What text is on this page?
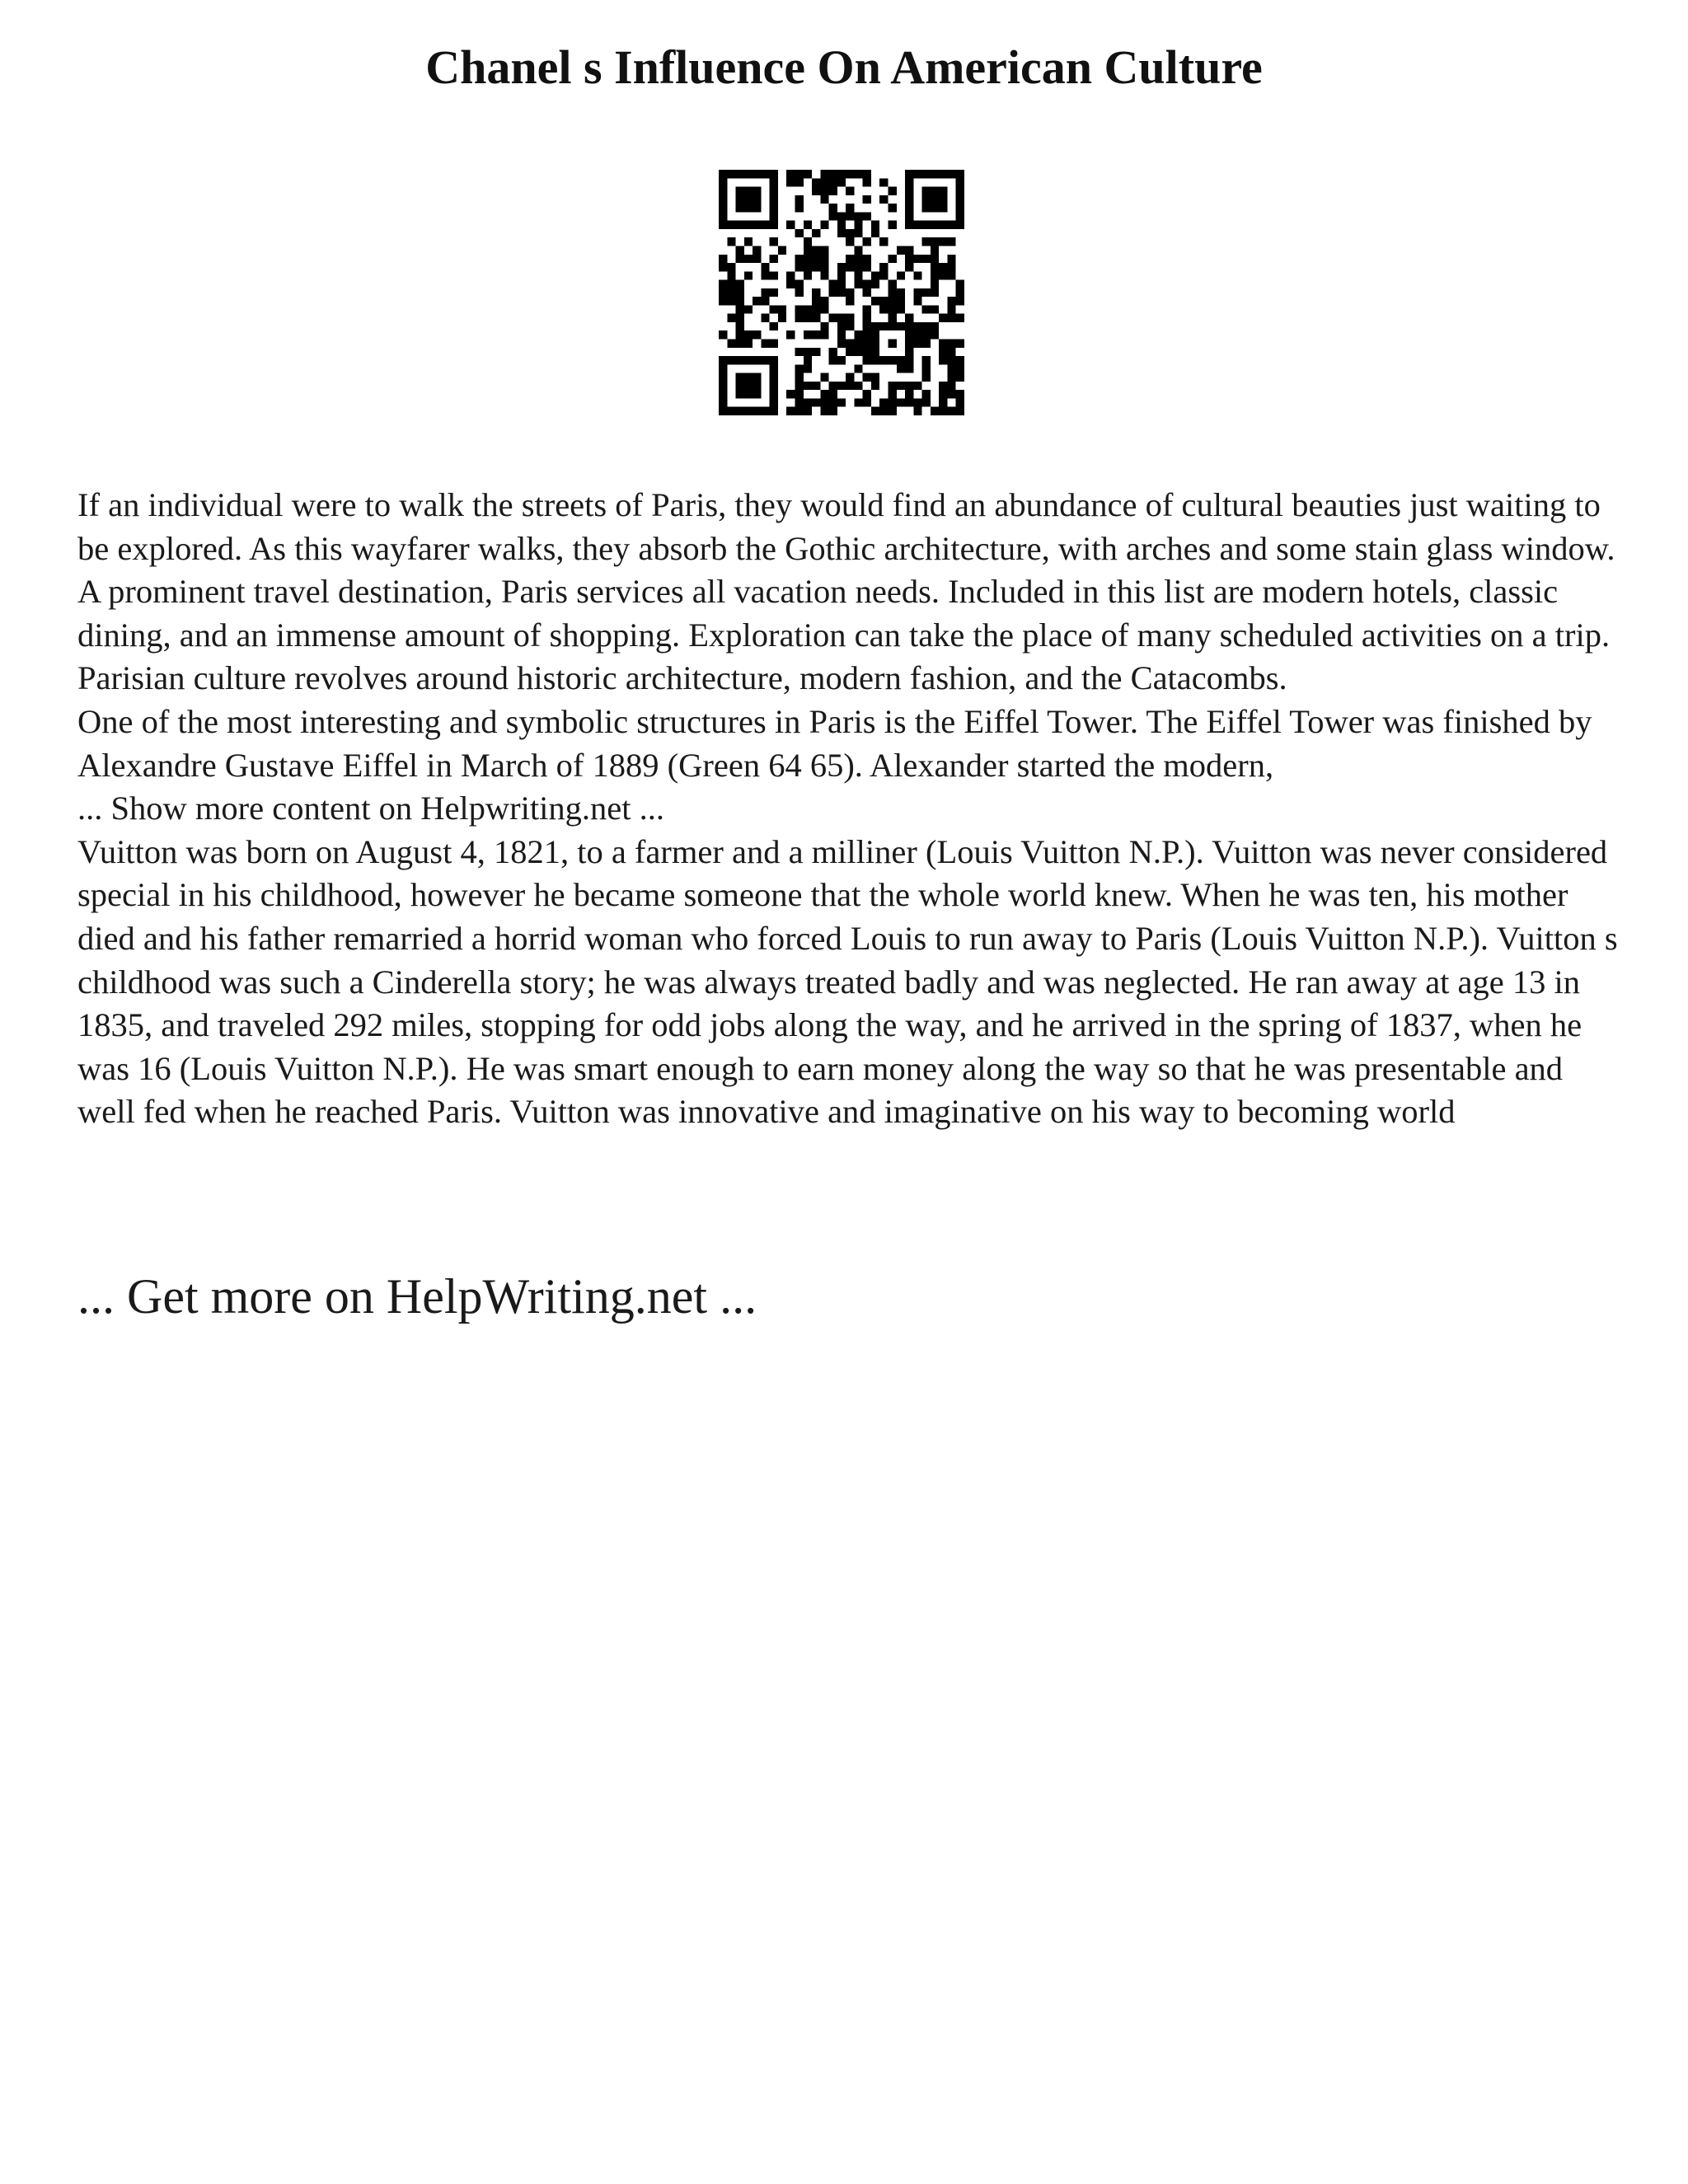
Chanel s Influence On American Culture

If an individual were to walk the streets of Paris, they would find an abundance of cultural beauties just waiting to be explored. As this wayfarer walks, they absorb the Gothic architecture, with arches and some stain glass window. A prominent travel destination, Paris services all vacation needs. Included in this list are modern hotels, classic dining, and an immense amount of shopping. Exploration can take the place of many scheduled activities on a trip. Parisian culture revolves around historic architecture, modern fashion, and the Catacombs.

One of the most interesting and symbolic structures in Paris is the Eiffel Tower. The Eiffel Tower was finished by Alexandre Gustave Eiffel in March of 1889 (Green 64 65). Alexander started the modern,

... Show more content on Helpwriting.net ...

Vuitton was born on August 4, 1821, to a farmer and a milliner (Louis Vuitton N.P.). Vuitton was never considered special in his childhood, however he became someone that the whole world knew. When he was ten, his mother died and his father remarried a horrid woman who forced Louis to run away to Paris (Louis Vuitton N.P.). Vuitton s childhood was such a Cinderella story; he was always treated badly and was neglected. He ran away at age 13 in 1835, and traveled 292 miles, stopping for odd jobs along the way, and he arrived in the spring of 1837, when he was 16 (Louis Vuitton N.P.). He was smart enough to earn money along the way so that he was presentable and well fed when he reached Paris. Vuitton was innovative and imaginative on his way to becoming world

... Get more on HelpWriting.net ...
